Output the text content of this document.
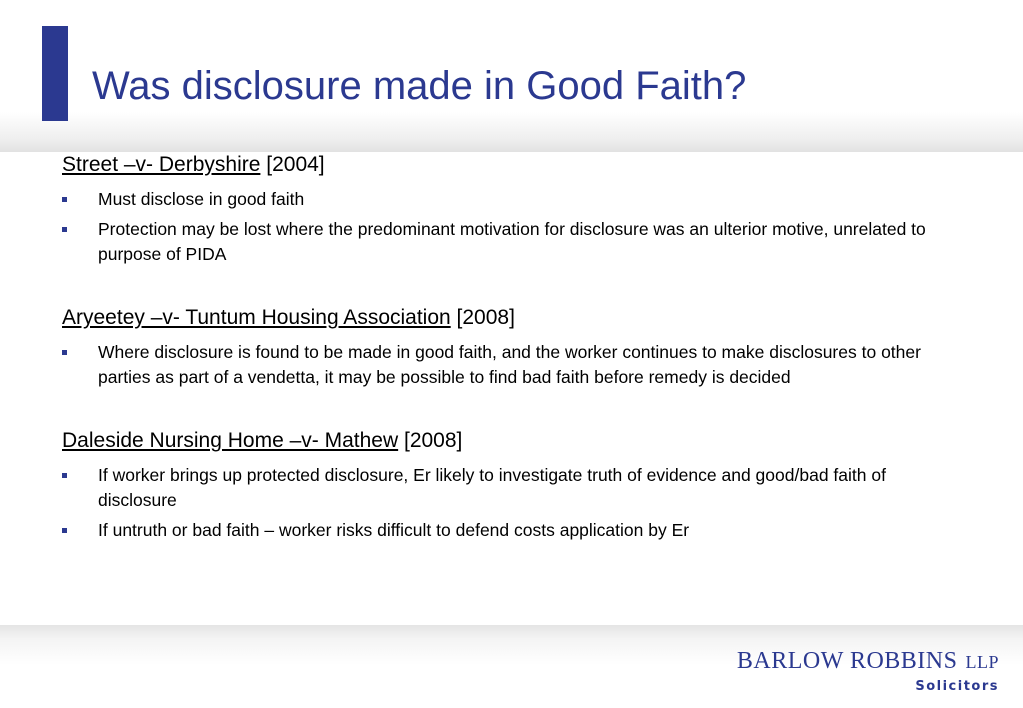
Was disclosure made in Good Faith?
Street –v- Derbyshire [2004]
Must disclose in good faith
Protection may be lost where the predominant motivation for disclosure was an ulterior motive, unrelated to purpose of PIDA
Aryeetey –v- Tuntum Housing Association [2008]
Where disclosure is found to be made in good faith, and the worker continues to make disclosures to other parties as part of a vendetta, it may be possible to find bad faith before remedy is decided
Daleside Nursing Home –v- Mathew [2008]
If worker brings up protected disclosure, Er likely to investigate truth of evidence and good/bad faith of disclosure
If untruth or bad faith – worker risks difficult to defend costs application by Er
BARLOW ROBBINS LLP
Solicitors
